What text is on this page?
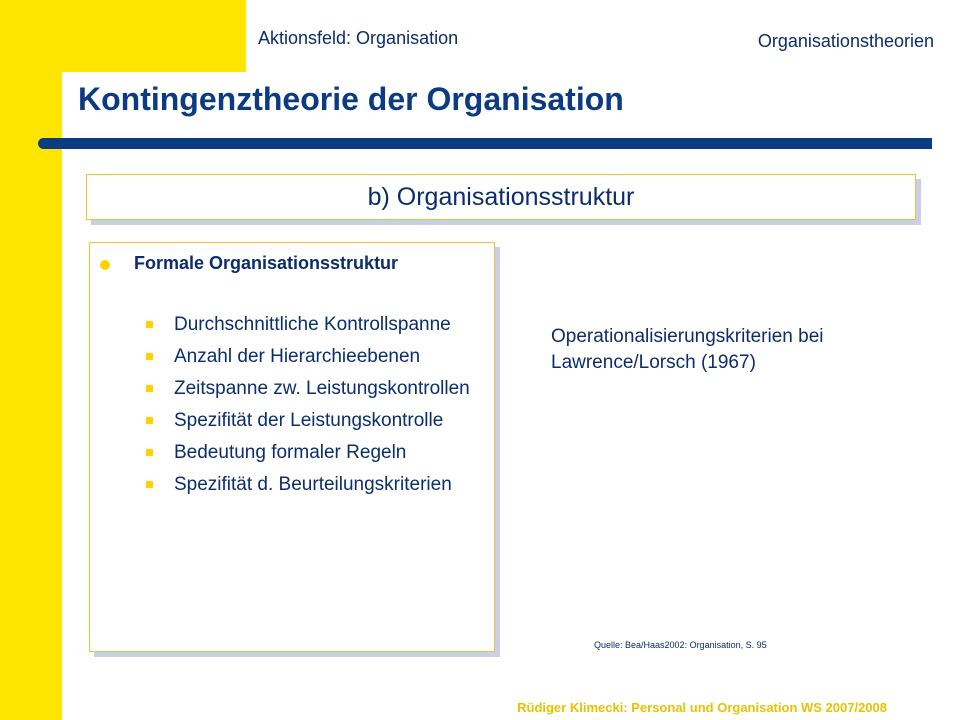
Aktionsfeld: Organisation	Organisationstheorien
Kontingenztheorie der Organisation
b) Organisationsstruktur
Formale Organisationsstruktur
Durchschnittliche Kontrollspanne
Anzahl der Hierarchieebenen
Zeitspanne zw. Leistungskontrollen
Spezifität der Leistungskontrolle
Bedeutung formaler Regeln
Spezifität d. Beurteilungskriterien
Operationalisierungskriterien bei Lawrence/Lorsch (1967)
Quelle: Bea/Haas2002: Organisation, S. 95
Rüdiger Klimecki: Personal und Organisation WS 2007/2008
